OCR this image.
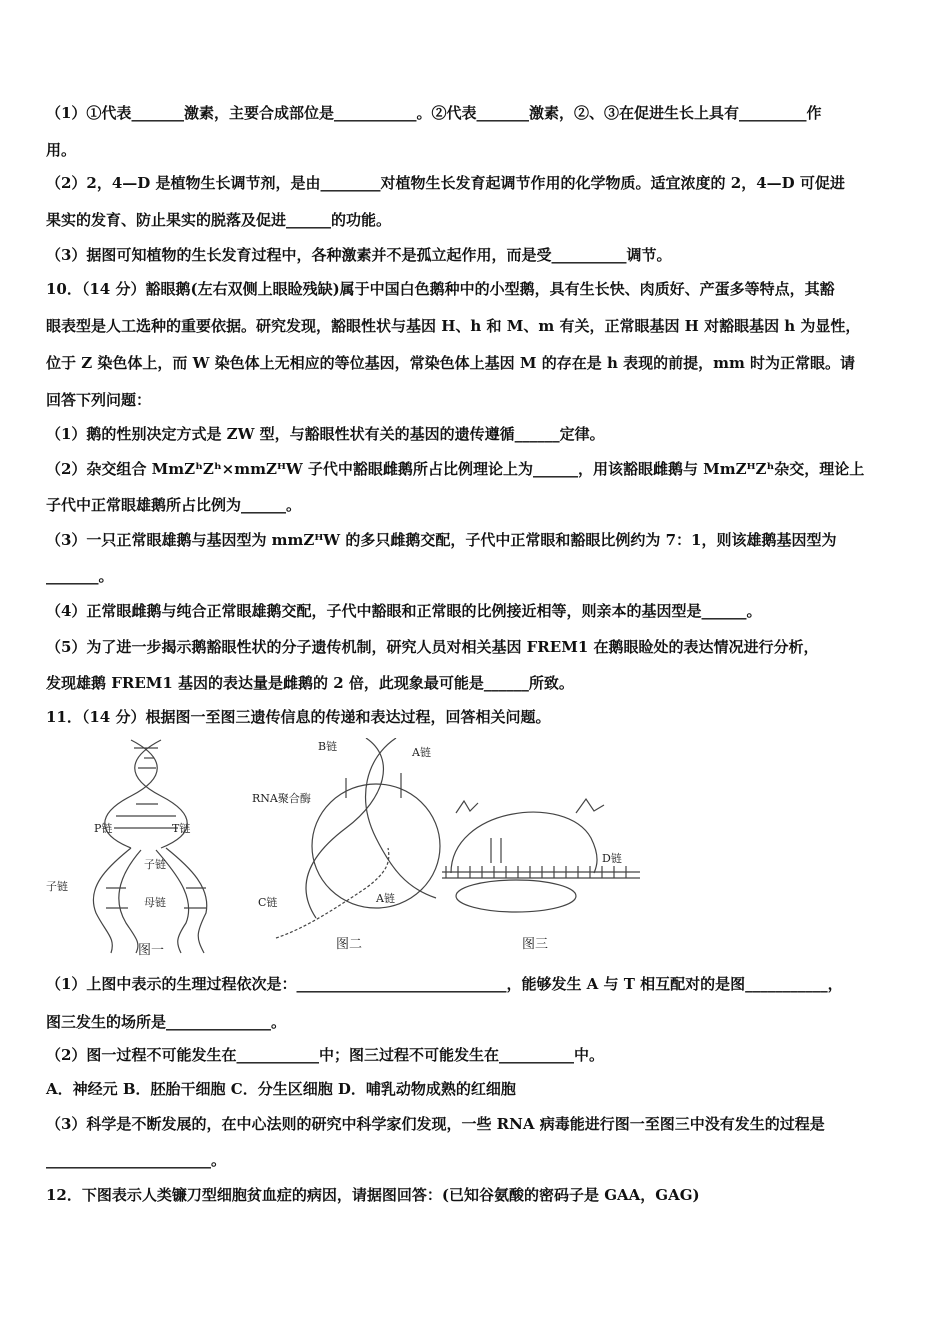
（1）①代表_______激素，主要合成部位是___________。②代表_______激素，②、③在促进生长上具有_________作
用。
（2）2，4—D 是植物生长调节剂，是由________对植物生长发育起调节作用的化学物质。适宜浓度的 2，4—D 可促进
果实的发育、防止果实的脱落及促进______的功能。
（3）据图可知植物的生长发育过程中，各种激素并不是孤立起作用，而是受__________调节。
10．（14 分）豁眼鹅(左右双侧上眼睑残缺)属于中国白色鹅种中的小型鹅，具有生长快、肉质好、产蛋多等特点，其豁
眼表型是人工选种的重要依据。研究发现，豁眼性状与基因 H、h 和 M、m 有关，正常眼基因 H 对豁眼基因 h 为显性，
位于 Z 染色体上，而 W 染色体上无相应的等位基因，常染色体上基因 M 的存在是 h 表现的前提，mm 时为正常眼。请
回答下列问题：
（1）鹅的性别决定方式是 ZW 型，与豁眼性状有关的基因的遗传遵循______定律。
（2）杂交组合 MmZʰZʰ×mmZᴴW 子代中豁眼雌鹅所占比例理论上为______，用该豁眼雌鹅与 MmZᴴZʰ杂交，理论上
子代中正常眼雄鹅所占比例为______。
（3）一只正常眼雄鹅与基因型为 mmZᴴW 的多只雌鹅交配，子代中正常眼和豁眼比例约为 7：1，则该雄鹅基因型为
_______。
（4）正常眼雌鹅与纯合正常眼雄鹅交配，子代中豁眼和正常眼的比例接近相等，则亲本的基因型是______。
（5）为了进一步揭示鹅豁眼性状的分子遗传机制，研究人员对相关基因 FREM1 在鹅眼睑处的表达情况进行分析，
发现雄鹅 FREM1 基因的表达量是雌鹅的 2 倍，此现象最可能是______所致。
11．（14 分）根据图一至图三遗传信息的传递和表达过程，回答相关问题。
P链	T链
子链
子链
母链
图一
B链	A链
RNA聚合酶
C链	A链
图二
D链
图三
（1）上图中表示的生理过程依次是：____________________________，能够发生 A 与 T 相互配对的是图___________，
图三发生的场所是______________。
（2）图一过程不可能发生在___________中；图三过程不可能发生在__________中。
A．神经元 B．胚胎干细胞 C．分生区细胞 D．哺乳动物成熟的红细胞
（3）科学是不断发展的，在中心法则的研究中科学家们发现，一些 RNA 病毒能进行图一至图三中没有发生的过程是
______________________。
12．下图表示人类镰刀型细胞贫血症的病因，请据图回答：(已知谷氨酸的密码子是 GAA，GAG)
